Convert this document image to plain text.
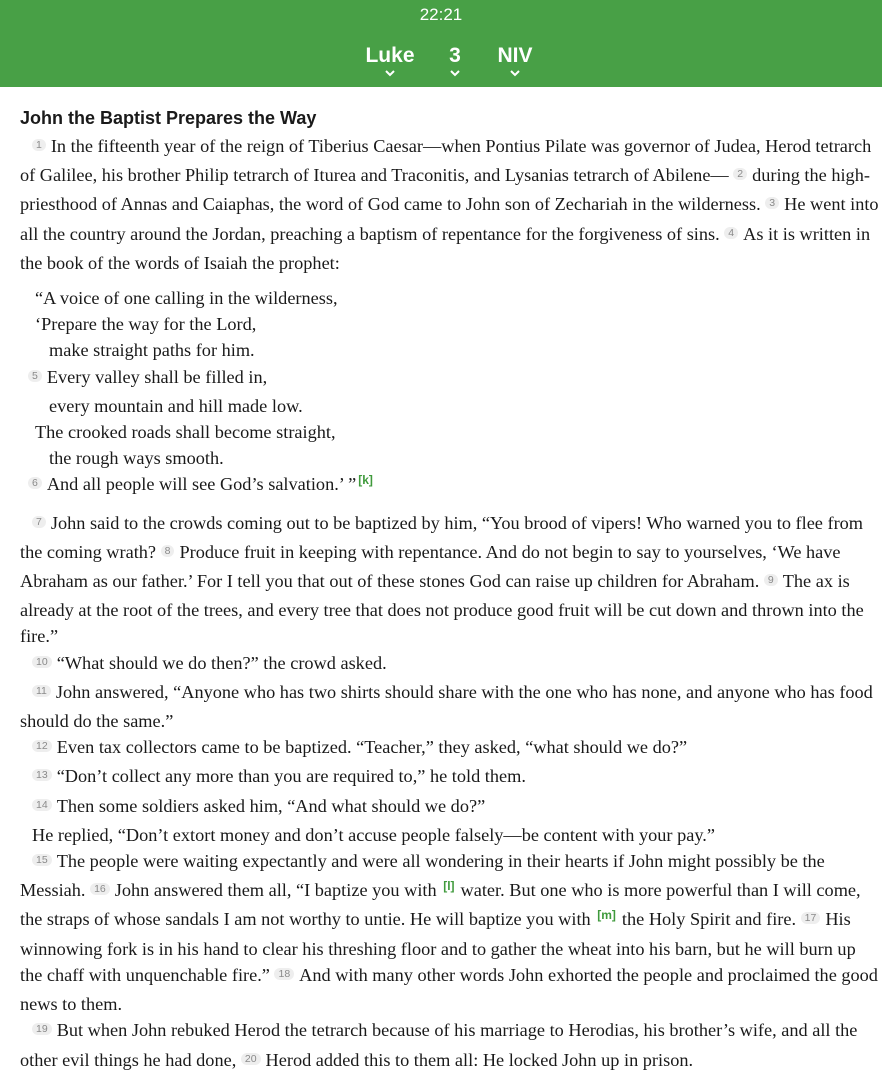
22:21
Luke	3	NIV
John the Baptist Prepares the Way

$^1$ In the fifteenth year of the reign of Tiberius Caesar—when Pontius Pilate was governor of Judea, Herod tetrarch of Galilee, his brother Philip tetrarch of Iturea and Traconitis, and Lysanias tetrarch of Abilene— $^2$ during the high-priesthood of Annas and Caiaphas, the word of God came to John son of Zechariah in the wilderness. $^3$ He went into all the country around the Jordan, preaching a baptism of repentance for the forgiveness of sins. $^4$ As it is written in the book of the words of Isaiah the prophet:

“A voice of one calling in the wilderness,

‘Prepare the way for the Lord,

make straight paths for him.

$^5$ Every valley shall be filled in,

every mountain and hill made low.

The crooked roads shall become straight,

the rough ways smooth.

$^6$ And all people will see God’s salvation.’ ” [k]

$^7$ John said to the crowds coming out to be baptized by him, “You brood of vipers! Who warned you to flee from the coming wrath? $^8$ Produce fruit in keeping with repentance. And do not begin to say to yourselves, ‘We have Abraham as our father.’ For I tell you that out of these stones God can raise up children for Abraham. $^9$ The ax is already at the root of the trees, and every tree that does not produce good fruit will be cut down and thrown into the fire.”

$^{10}$ “What should we do then?” the crowd asked.

$^{11}$ John answered, “Anyone who has two shirts should share with the one who has none, and anyone who has food should do the same.”

$^{12}$ Even tax collectors came to be baptized. “Teacher,” they asked, “what should we do?”

$^{13}$ “Don’t collect any more than you are required to,” he told them.

$^{14}$ Then some soldiers asked him, “And what should we do?”

He replied, “Don’t extort money and don’t accuse people falsely—be content with your pay.”

$^{15}$ The people were waiting expectantly and were all wondering in their hearts if John might possibly be the Messiah. $^{16}$ John answered them all, “I baptize you with [l] water. But one who is more powerful than I will come, the straps of whose sandals I am not worthy to untie. He will baptize you with [m] the Holy Spirit and fire. $^{17}$ His winnowing fork is in his hand to clear his threshing floor and to gather the wheat into his barn, but he will burn up the chaff with unquenchable fire.” $^{18}$ And with many other words John exhorted the people and proclaimed the good news to them.

$^{19}$ But when John rebuked Herod the tetrarch because of his marriage to Herodias, his brother’s wife, and all the other evil things he had done, $^{20}$ Herod added this to them all: He locked John up in prison.
